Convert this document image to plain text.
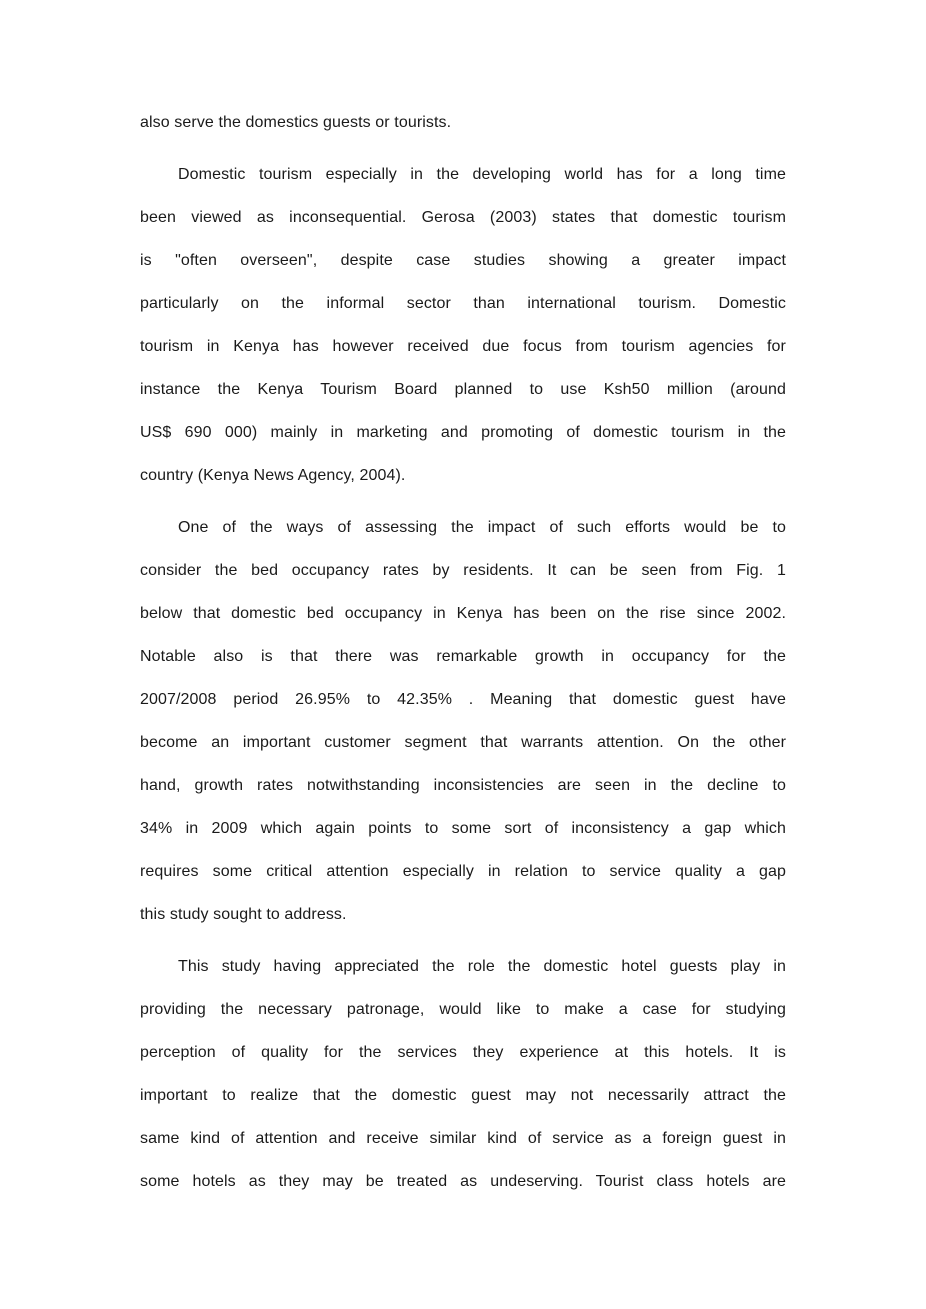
also serve the domestics guests or tourists.
Domestic tourism especially in the developing world has for a long time
been viewed as inconsequential. Gerosa (2003) states that domestic tourism
is "often overseen", despite case studies showing a greater impact
particularly on the informal sector than international tourism. Domestic
tourism in Kenya has however received due focus from tourism agencies for
instance the Kenya Tourism Board planned to use Ksh50 million (around
US$ 690 000) mainly in marketing and promoting of domestic tourism in the
country (Kenya News Agency, 2004).
One of the ways of assessing the impact of such efforts would be to
consider the bed occupancy rates by residents. It can be seen from Fig. 1
below that domestic bed occupancy in Kenya has been on the rise since 2002.
Notable also is that there was remarkable growth in occupancy for the
2007/2008 period 26.95% to 42.35% . Meaning that domestic guest have
become an important customer segment that warrants attention. On the other
hand, growth rates notwithstanding inconsistencies are seen in the decline to
34% in 2009 which again points to some sort of inconsistency a gap which
requires some critical attention especially in relation to service quality a gap
this study sought to address.
This study having appreciated the role the domestic hotel guests play in
providing the necessary patronage, would like to make a case for studying
perception of quality for the services they experience at this hotels. It is
important to realize that the domestic guest may not necessarily attract the
same kind of attention and receive similar kind of service as a foreign guest in
some hotels as they may be treated as undeserving. Tourist class hotels are
